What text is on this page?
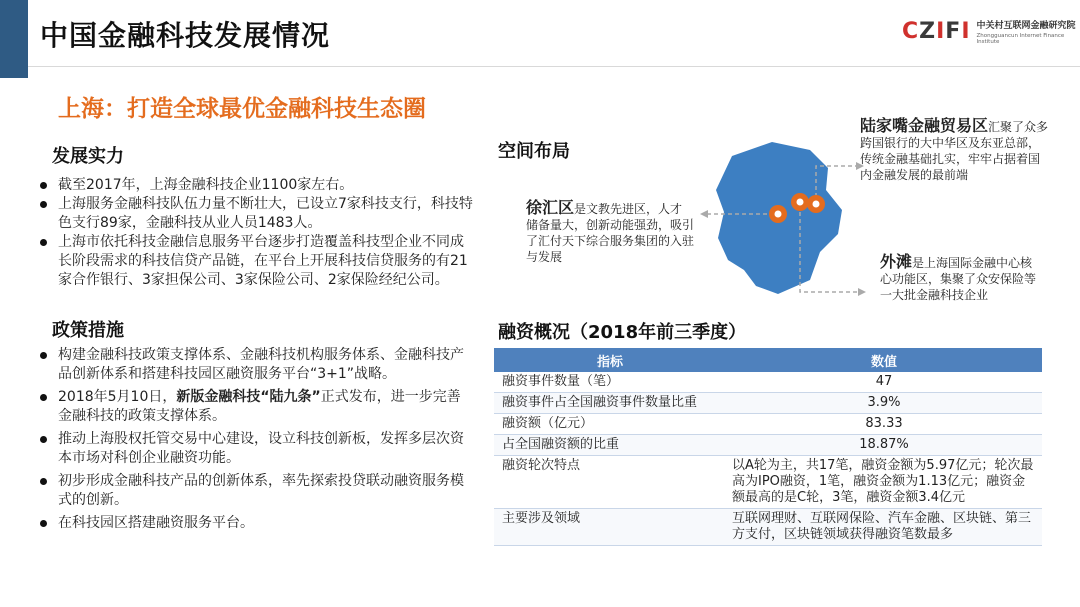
中国金融科技发展情况	CZIFI 中关村互联网金融研究院
Zhongguancun Internet Finance Institute
上海：打造全球最优金融科技生态圈
发展实力
截至2017年，上海金融科技企业1100家左右。
上海服务金融科技队伍力量不断壮大，已设立7家科技支行，科技特色支行89家，金融科技从业人员1483人。
上海市依托科技金融信息服务平台逐步打造覆盖科技型企业不同成长阶段需求的科技信贷产品链，在平台上开展科技信贷服务的有21家合作银行、3家担保公司、3家保险公司、2家保险经纪公司。
政策措施
构建金融科技政策支撑体系、金融科技机构服务体系、金融科技产品创新体系和搭建科技园区融资服务平台“3+1”战略。
2018年5月10日，新版金融科技“陆九条”正式发布，进一步完善金融科技的政策支撑体系。
推动上海股权托管交易中心建设，设立科技创新板，发挥多层次资本市场对科创企业融资功能。
初步形成金融科技产品的创新体系，率先探索投贷联动融资服务模式的创新。
在科技园区搭建融资服务平台。
空间布局
陆家嘴金融贸易区汇聚了众多跨国银行的大中华区及东亚总部，传统金融基础扎实，牢牢占据着国内金融发展的最前端
徐汇区是文教先进区，人才储备量大，创新动能强劲，吸引了汇付天下综合服务集团的入驻与发展	外滩是上海国际金融中心核心功能区，集聚了众安保险等一大批金融科技企业
融资概况（2018年前三季度）
指标	数值
融资事件数量（笔）	47
融资事件占全国融资事件数量比重	3.9%
融资额（亿元）	83.33
占全国融资额的比重	18.87%
融资轮次特点	以A轮为主，共17笔，融资金额为5.97亿元；轮次最高为IPO融资，1笔，融资金额为1.13亿元；融资金额最高的是C轮，3笔，融资金额3.4亿元
主要涉及领域	互联网理财、互联网保险、汽车金融、区块链、第三方支付，区块链领域获得融资笔数最多
